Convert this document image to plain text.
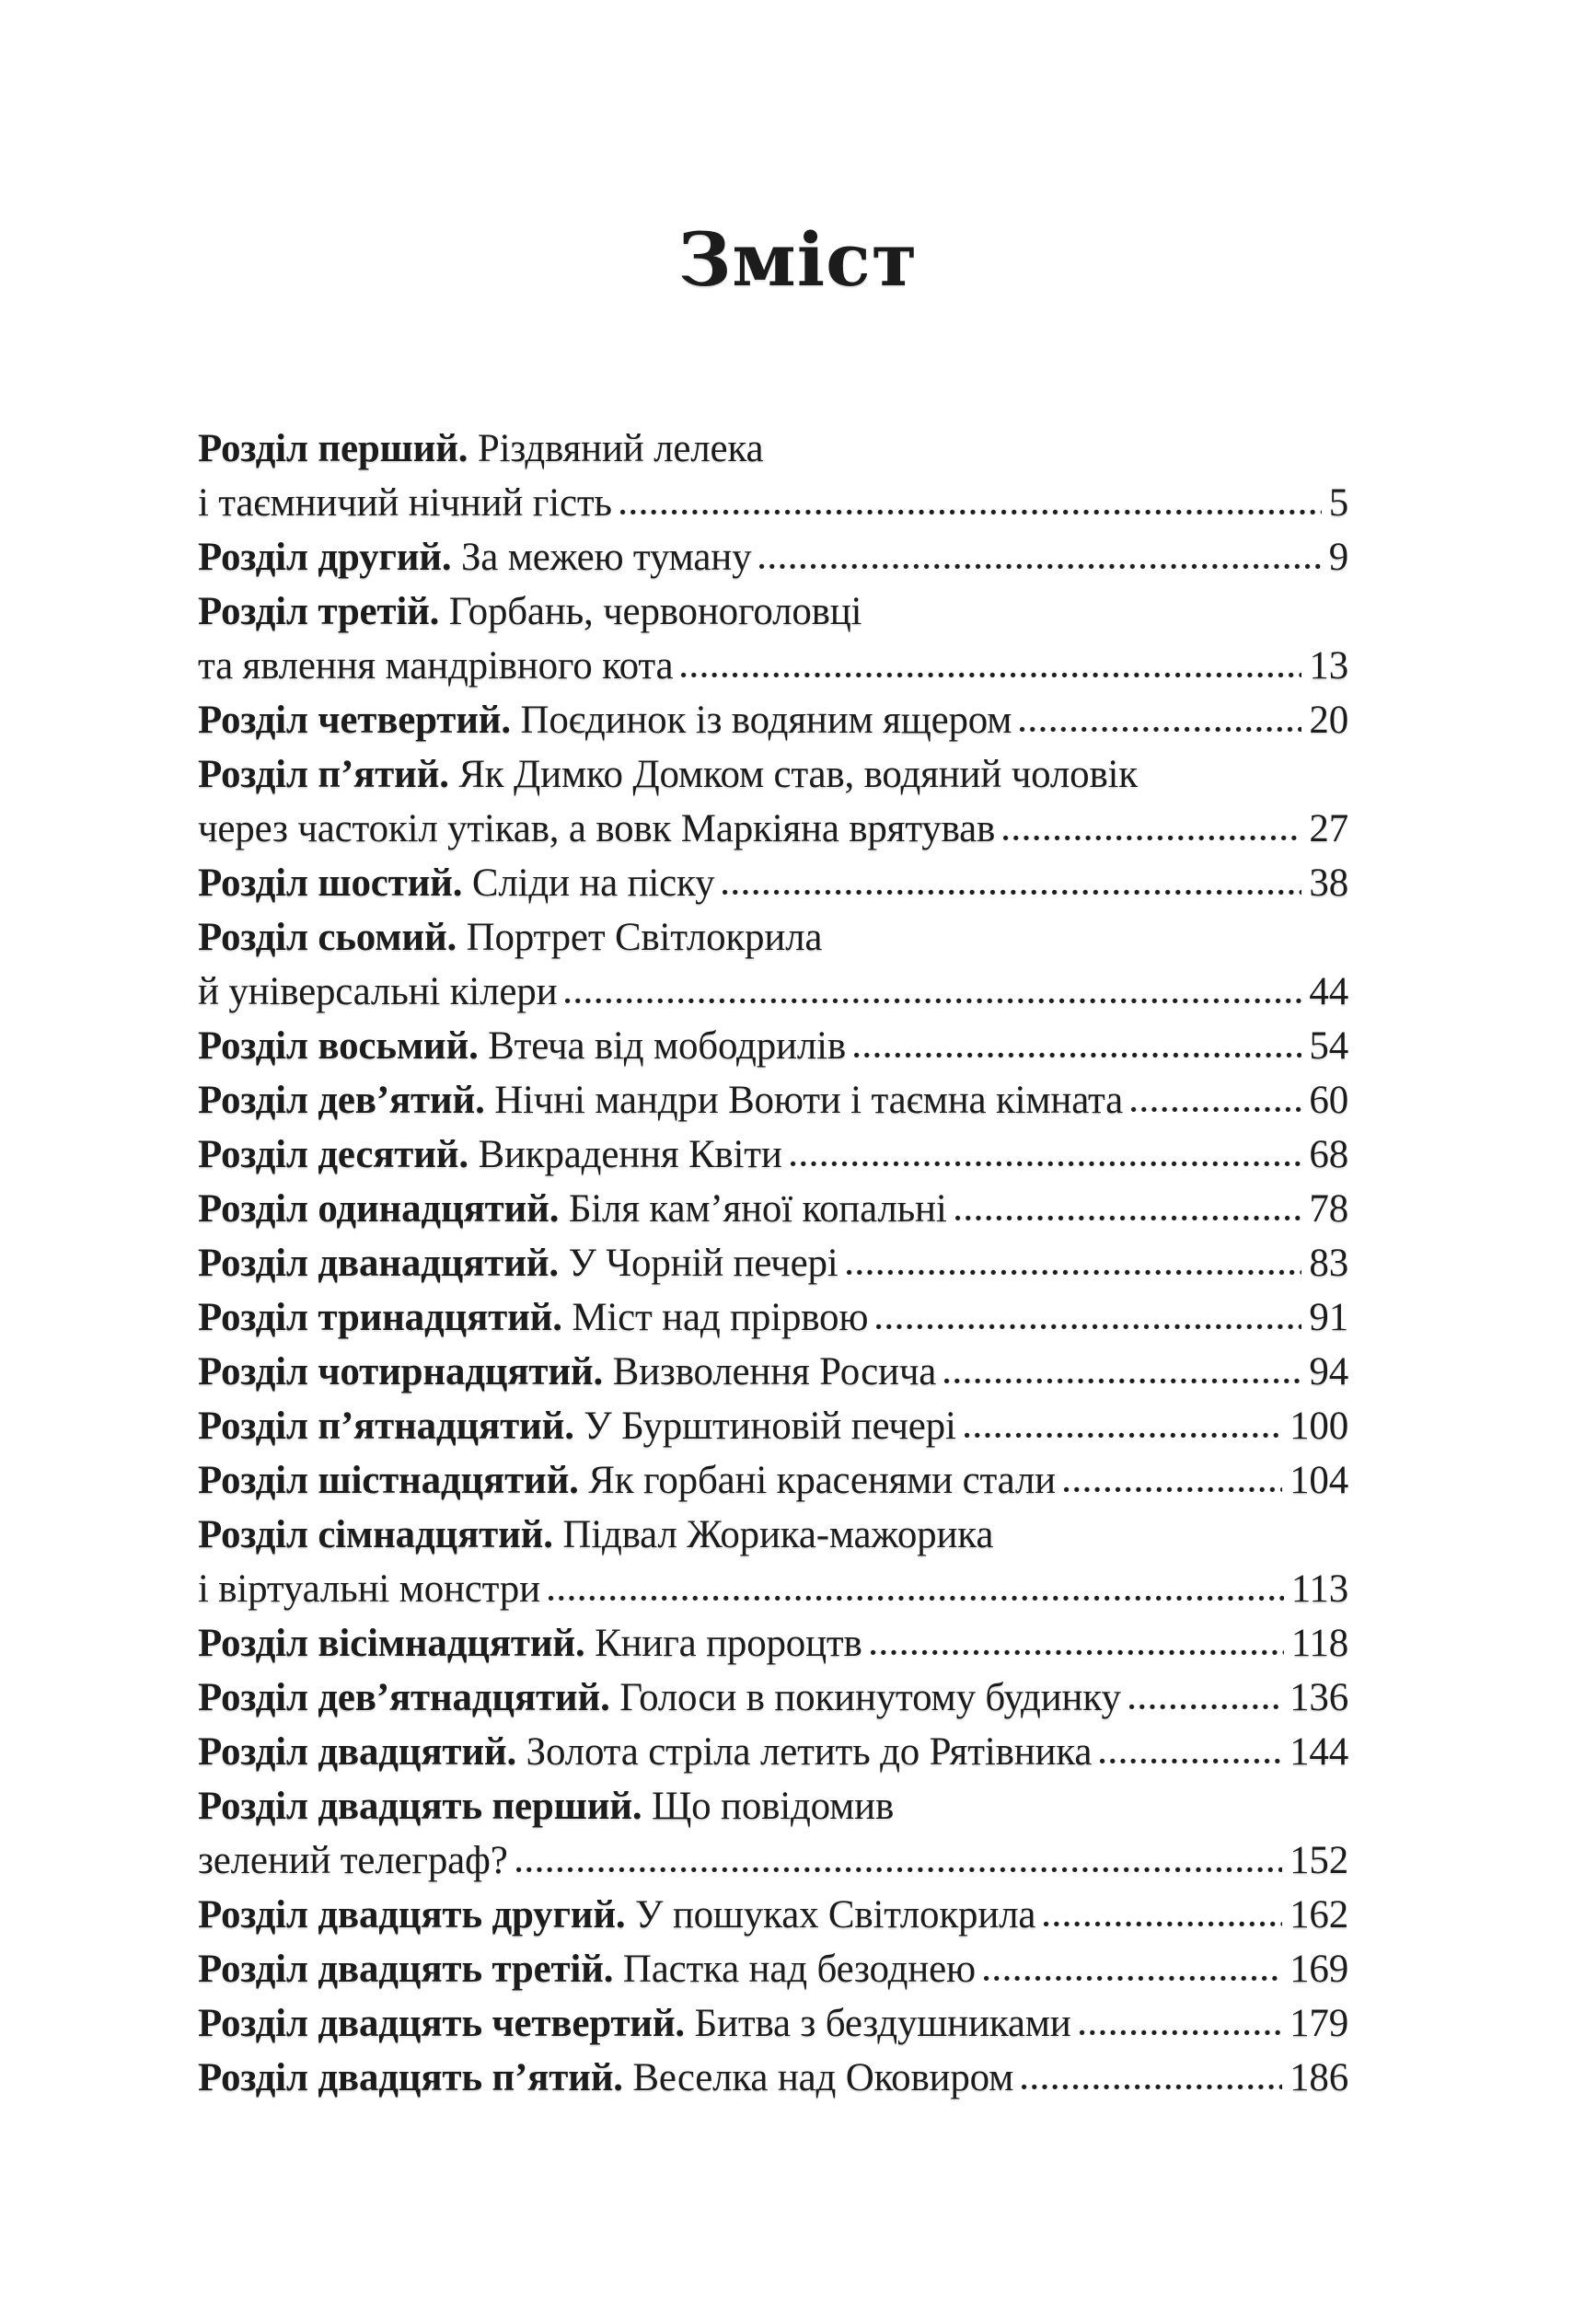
Зміст
Розділ перший. Різдвяний лелека
і таємничий нічний гість	5
Розділ другий. За межею туману	9
Розділ третій. Горбань, червоноголовці
та явлення мандрівного кота	13
Розділ четвертий. Поєдинок із водяним ящером	20
Розділ п’ятий. Як Димко Домком став, водяний чоловік
через частокіл утікав, а вовк Маркіяна врятував	27
Розділ шостий. Сліди на піску	38
Розділ сьомий. Портрет Світлокрила
й універсальні кілери	44
Розділ восьмий. Втеча від мободрилів	54
Розділ дев’ятий. Нічні мандри Воюти і таємна кімната	60
Розділ десятий. Викрадення Квіти	68
Розділ одинадцятий. Біля кам’яної копальні	78
Розділ дванадцятий. У Чорній печері	83
Розділ тринадцятий. Міст над прірвою	91
Розділ чотирнадцятий. Визволення Росича	94
Розділ п’ятнадцятий. У Бурштиновій печері	100
Розділ шістнадцятий. Як горбані красенями стали	104
Розділ сімнадцятий. Підвал Жорика-мажорика
і віртуальні монстри	113
Розділ вісімнадцятий. Книга пророцтв	118
Розділ дев’ятнадцятий. Голоси в покинутому будинку	136
Розділ двадцятий. Золота стріла летить до Рятівника	144
Розділ двадцять перший. Що повідомив
зелений телеграф?	152
Розділ двадцять другий. У пошуках Світлокрила	162
Розділ двадцять третій. Пастка над безоднею	169
Розділ двадцять четвертий. Битва з бездушниками	179
Розділ двадцять п’ятий. Веселка над Оковиром	186
